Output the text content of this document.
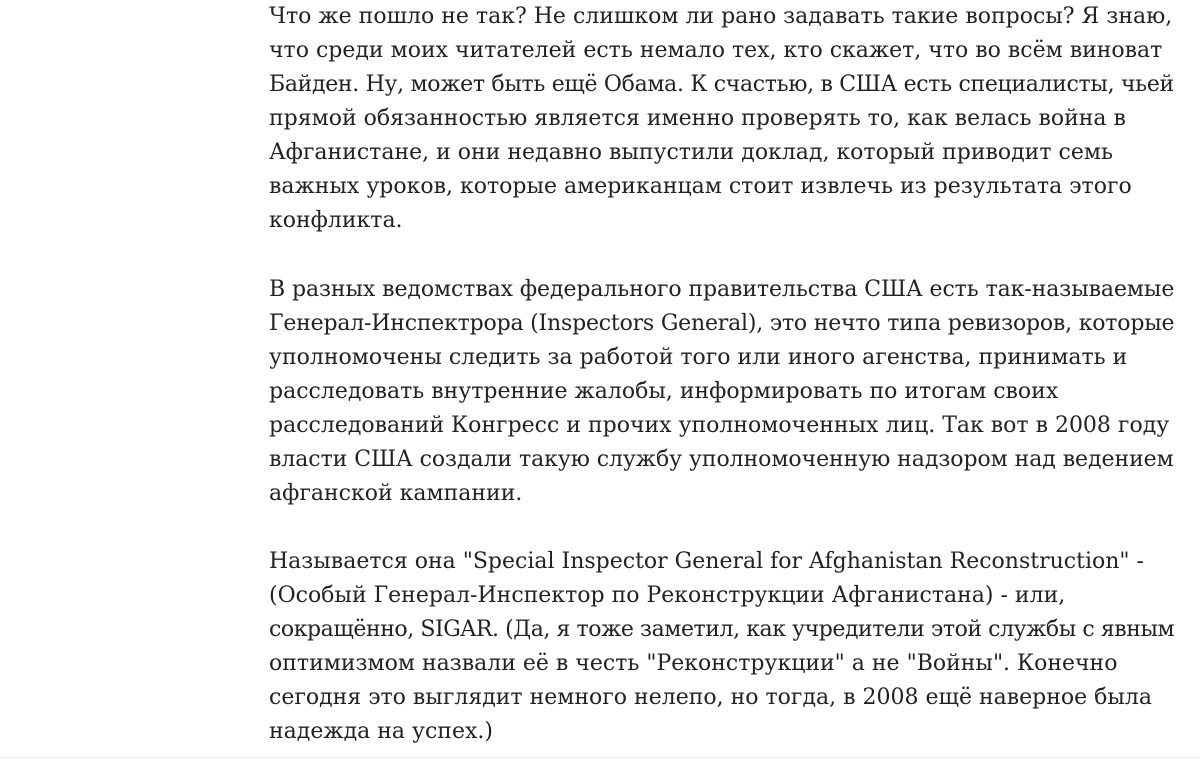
Что же пошло не так? Не слишком ли рано задавать такие вопросы? Я знаю,
что среди моих читателей есть немало тех, кто скажет, что во всём виноват
Байден. Ну, может быть ещё Обама. К счастью, в США есть специалисты, чьей
прямой обязанностью является именно проверять то, как велась война в
Афганистане, и они недавно выпустили доклад, который приводит семь
важных уроков, которые американцам стоит извлечь из результата этого
конфликта.

В разных ведомствах федерального правительства США есть так-называемые
Генерал-Инспектрора (Inspectors General), это нечто типа ревизоров, которые
уполномочены следить за работой того или иного агенства, принимать и
расследовать внутренние жалобы, информировать по итогам своих
расследований Конгресс и прочих уполномоченных лиц. Так вот в 2008 году
власти США создали такую службу уполномоченную надзором над ведением
афганской кампании.

Называется она "Special Inspector General for Afghanistan Reconstruction" -
(Особый Генерал-Инспектор по Реконструкции Афганистана) - или,
сокращённо, SIGAR. (Да, я тоже заметил, как учредители этой службы с явным
оптимизмом назвали её в честь "Реконструкции" а не "Войны". Конечно
сегодня это выглядит немного нелепо, но тогда, в 2008 ещё наверное была
надежда на успех.)
